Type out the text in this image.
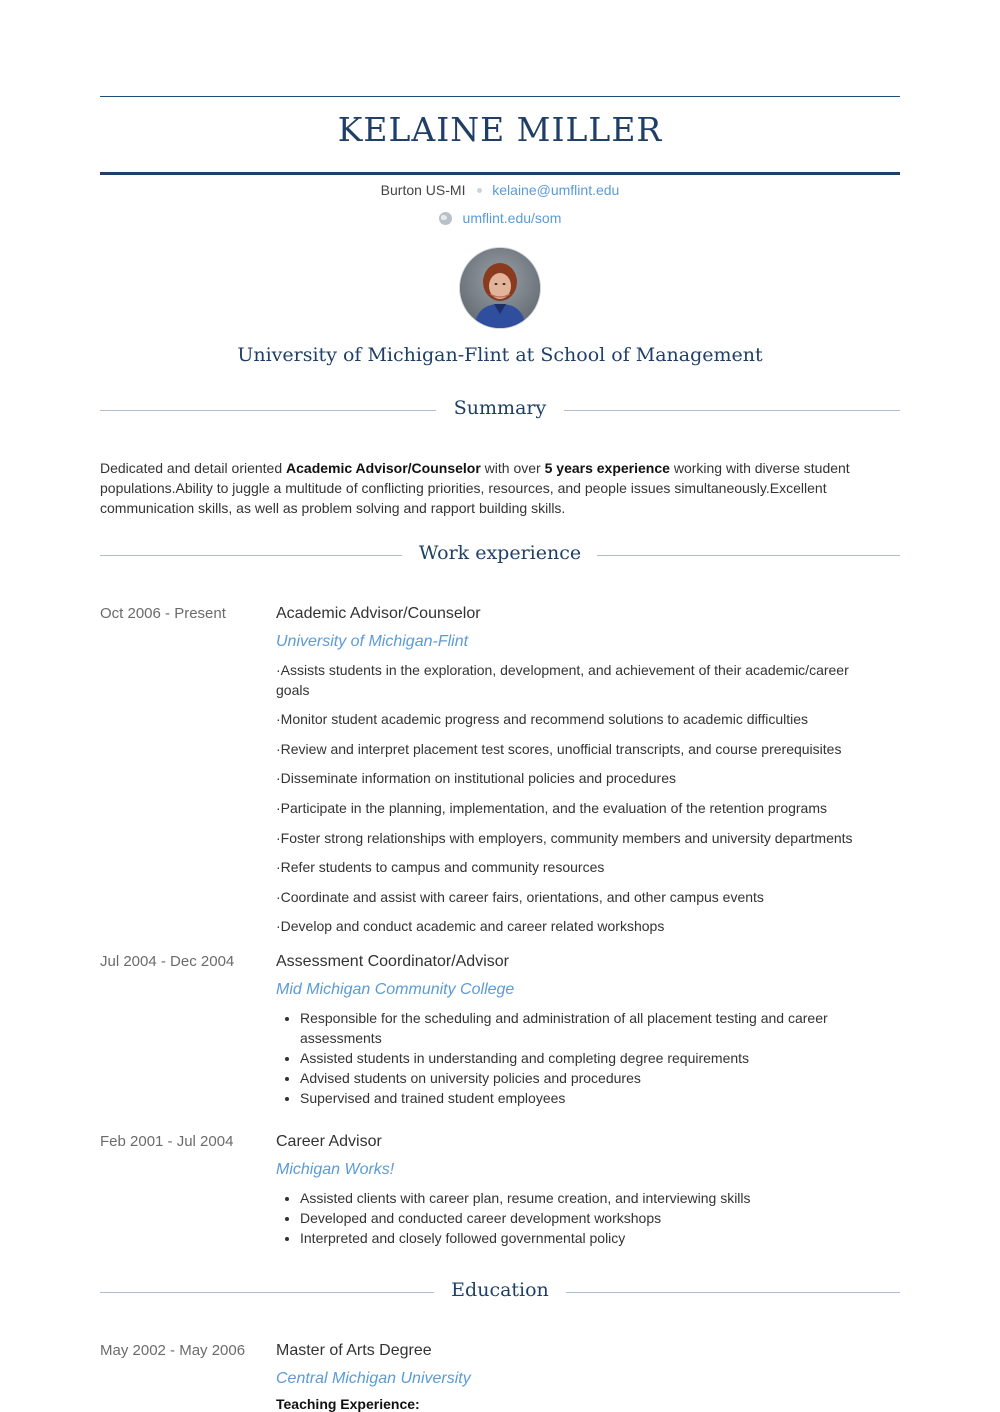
KELAINE MILLER
Burton US-MI kelaine@umflint.edu
umflint.edu/som
University of Michigan-Flint at School of Management
Summary

Dedicated and detail oriented Academic Advisor/Counselor with over 5 years experience working with diverse student populations.Ability to juggle a multitude of conflicting priorities, resources, and people issues simultaneously.Excellent communication skills, as well as problem solving and rapport building skills.

Work experience
Oct 2006 - Present	Academic Advisor/Counselor
University of Michigan-Flint

·Assists students in the exploration, development, and achievement of their academic/career goals

·Monitor student academic progress and recommend solutions to academic difficulties

·Review and interpret placement test scores, unofficial transcripts, and course prerequisites

·Disseminate information on institutional policies and procedures

·Participate in the planning, implementation, and the evaluation of the retention programs

·Foster strong relationships with employers, community members and university departments

·Refer students to campus and community resources

·Coordinate and assist with career fairs, orientations, and other campus events

·Develop and conduct academic and career related workshops

Jul 2004 - Dec 2004	Assessment Coordinator/Advisor
Mid Michigan Community College
• Responsible for the scheduling and administration of all placement testing and career assessments
• Assisted students in understanding and completing degree requirements
• Advised students on university policies and procedures
• Supervised and trained student employees
Feb 2001 - Jul 2004	Career Advisor
Michigan Works!
• Assisted clients with career plan, resume creation, and interviewing skills
• Developed and conducted career development workshops
• Interpreted and closely followed governmental policy
Education
May 2002 - May 2006 Master of Arts Degree
Central Michigan University
Teaching Experience:
